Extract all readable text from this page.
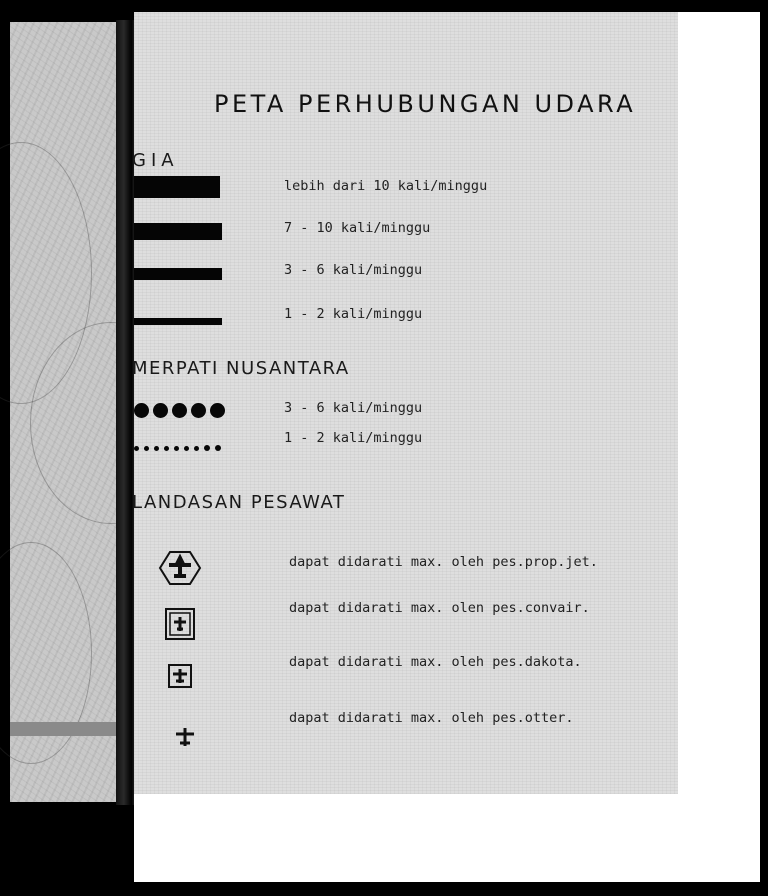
PETA PERHUBUNGAN UDARA
GIA
lebih dari 10 kali/minggu
7 - 10 kali/minggu
3 - 6 kali/minggu
1 - 2 kali/minggu
MERPATI NUSANTARA
3 - 6 kali/minggu
1 - 2 kali/minggu
LANDASAN PESAWAT
dapat didarati max. oleh pes.prop.jet.
dapat didarati max. olen pes.convair.
dapat didarati max. oleh pes.dakota.
dapat didarati max. oleh pes.otter.
